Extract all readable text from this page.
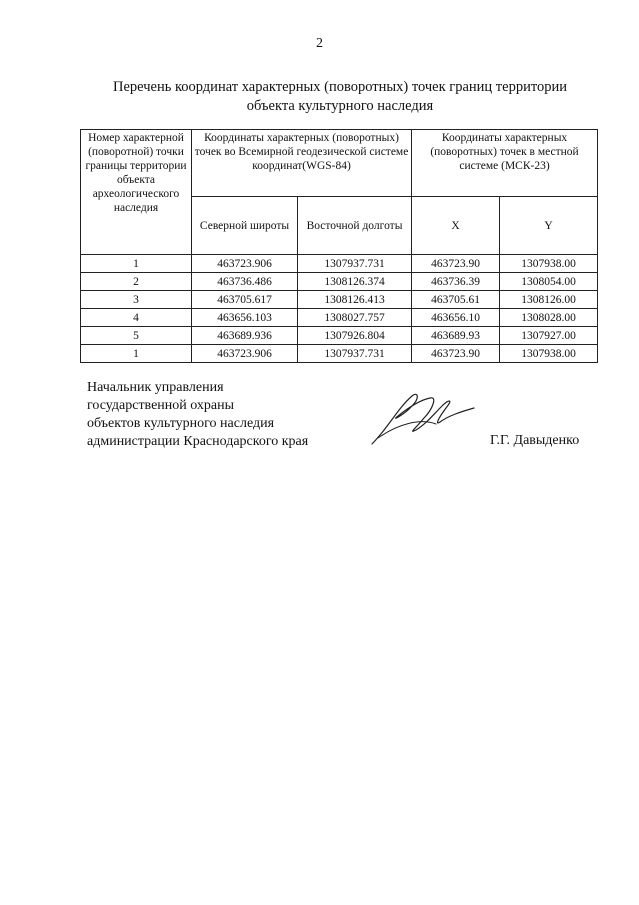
2
Перечень координат характерных (поворотных) точек границ территории
объекта культурного наследия
Номер характерной (поворотной) точки границы территории объекта археологического наследия	Координаты характерных (поворотных) точек во Всемирной геодезической системе координат(WGS-84)		Координаты характерных (поворотных) точек в местной системе (МСК-23)	
	Северной широты	Восточной долготы	X	Y
1	463723.906	1307937.731	463723.90	1307938.00
2	463736.486	1308126.374	463736.39	1308054.00
3	463705.617	1308126.413	463705.61	1308126.00
4	463656.103	1308027.757	463656.10	1308028.00
5	463689.936	1307926.804	463689.93	1307927.00
1	463723.906	1307937.731	463723.90	1307938.00
Начальник управления
государственной охраны
объектов культурного наследия
администрации Краснодарского края	Г.Г. Давыденко
